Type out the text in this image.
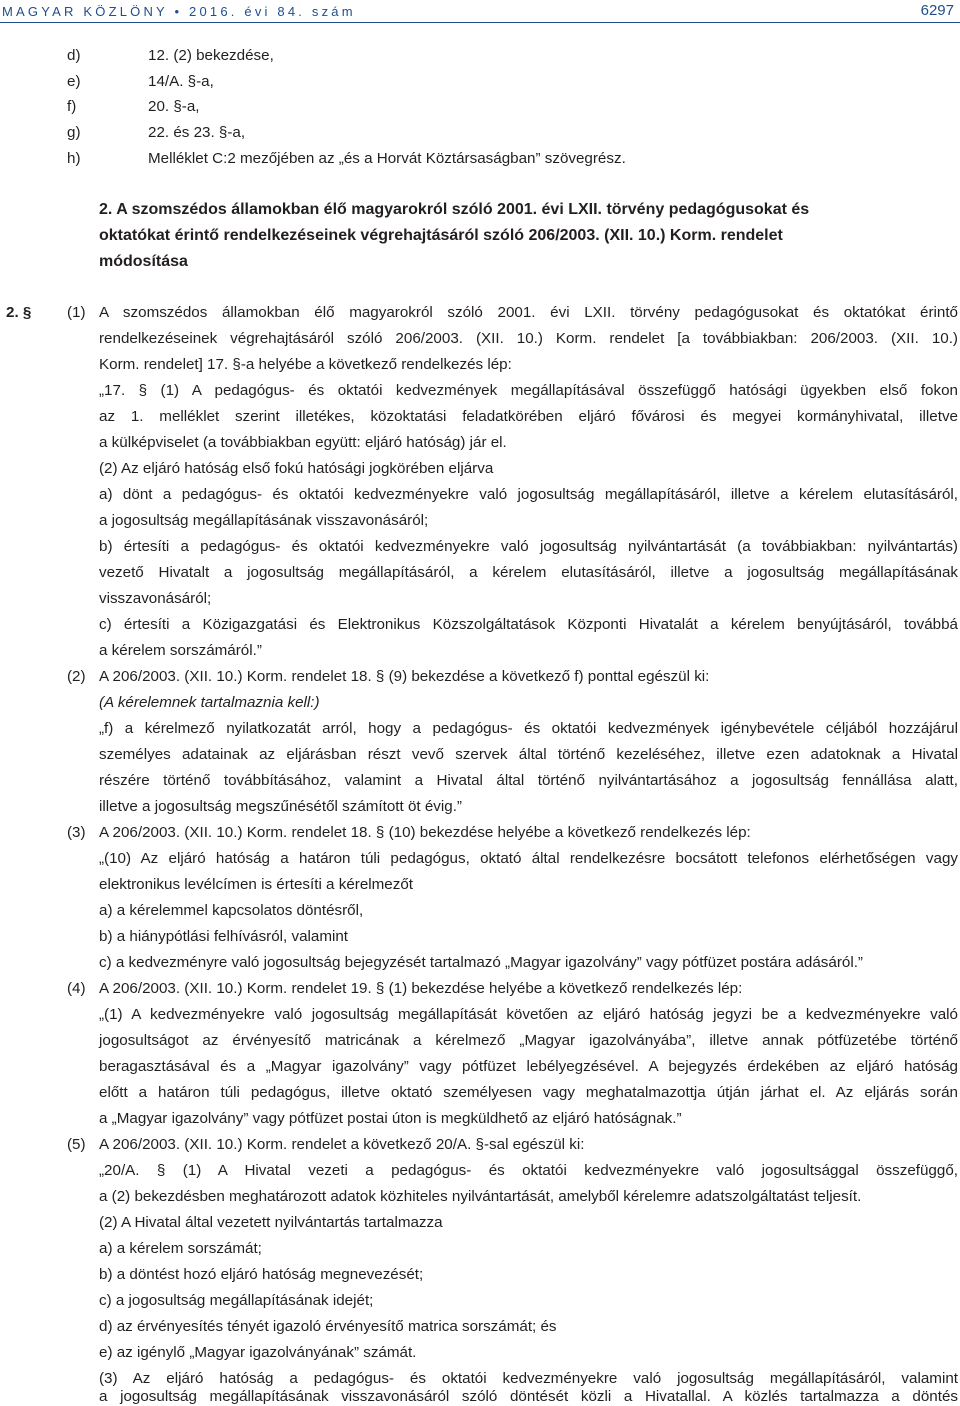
MAGYAR KÖZLÖNY • 2016. évi 84. szám	6297
d)	12. (2) bekezdése,
e)	14/A. §-a,
f)	20. §-a,
g)	22. és 23. §-a,
h)	Melléklet C:2 mezőjében az „és a Horvát Köztársaságban” szövegrész.
2. A szomszédos államokban élő magyarokról szóló 2001. évi LXII. törvény pedagógusokat és
oktatókat érintő rendelkezéseinek végrehajtásáról szóló 206/2003. (XII. 10.) Korm. rendelet
módosítása
2. § (1) A szomszédos államokban élő magyarokról szóló 2001. évi LXII. törvény pedagógusokat és oktatókat érintő
rendelkezéseinek végrehajtásáról szóló 206/2003. (XII. 10.) Korm. rendelet [a továbbiakban: 206/2003. (XII. 10.)
Korm. rendelet] 17. §-a helyébe a következő rendelkezés lép:
„17. § (1) A pedagógus- és oktatói kedvezmények megállapításával összefüggő hatósági ügyekben első fokon
az 1. melléklet szerint illetékes, közoktatási feladatkörében eljáró fővárosi és megyei kormányhivatal, illetve
a külképviselet (a továbbiakban együtt: eljáró hatóság) jár el.
(2) Az eljáró hatóság első fokú hatósági jogkörében eljárva
a) dönt a pedagógus- és oktatói kedvezményekre való jogosultság megállapításáról, illetve a kérelem elutasításáról,
a jogosultság megállapításának visszavonásáról;
b) értesíti a pedagógus- és oktatói kedvezményekre való jogosultság nyilvántartását (a továbbiakban: nyilvántartás)
vezető Hivatalt a jogosultság megállapításáról, a kérelem elutasításáról, illetve a jogosultság megállapításának
visszavonásáról;
c) értesíti a Közigazgatási és Elektronikus Közszolgáltatások Központi Hivatalát a kérelem benyújtásáról, továbbá
a kérelem sorszámáról.”
(2) A 206/2003. (XII. 10.) Korm. rendelet 18. § (9) bekezdése a következő f) ponttal egészül ki:
(A kérelemnek tartalmaznia kell:)
„f) a kérelmező nyilatkozatát arról, hogy a pedagógus- és oktatói kedvezmények igénybevétele céljából hozzájárul
személyes adatainak az eljárásban részt vevő szervek által történő kezeléséhez, illetve ezen adatoknak a Hivatal
részére történő továbbításához, valamint a Hivatal által történő nyilvántartásához a jogosultság fennállása alatt,
illetve a jogosultság megszűnésétől számított öt évig.”
(3) A 206/2003. (XII. 10.) Korm. rendelet 18. § (10) bekezdése helyébe a következő rendelkezés lép:
„(10) Az eljáró hatóság a határon túli pedagógus, oktató által rendelkezésre bocsátott telefonos elérhetőségen vagy
elektronikus levélcímen is értesíti a kérelmezőt
a) a kérelemmel kapcsolatos döntésről,
b) a hiánypótlási felhívásról, valamint
c) a kedvezményre való jogosultság bejegyzését tartalmazó „Magyar igazolvány” vagy pótfüzet postára adásáról.”
(4) A 206/2003. (XII. 10.) Korm. rendelet 19. § (1) bekezdése helyébe a következő rendelkezés lép:
„(1) A kedvezményekre való jogosultság megállapítását követően az eljáró hatóság jegyzi be a kedvezményekre való
jogosultságot az érvényesítő matricának a kérelmező „Magyar igazolványába”, illetve annak pótfüzetébe történő
beragasztásával és a „Magyar igazolvány” vagy pótfüzet lebélyegzésével. A bejegyzés érdekében az eljáró hatóság
előtt a határon túli pedagógus, illetve oktató személyesen vagy meghatalmazottja útján járhat el. Az eljárás során
a „Magyar igazolvány” vagy pótfüzet postai úton is megküldhető az eljáró hatóságnak.”
(5) A 206/2003. (XII. 10.) Korm. rendelet a következő 20/A. §-sal egészül ki:
„20/A. § (1) A Hivatal vezeti a pedagógus- és oktatói kedvezményekre való jogosultsággal összefüggő,
a (2) bekezdésben meghatározott adatok közhiteles nyilvántartását, amelyből kérelemre adatszolgáltatást teljesít.
(2) A Hivatal által vezetett nyilvántartás tartalmazza
a) a kérelem sorszámát;
b) a döntést hozó eljáró hatóság megnevezését;
c) a jogosultság megállapításának idejét;
d) az érvényesítés tényét igazoló érvényesítő matrica sorszámát; és
e) az igénylő „Magyar igazolványának” számát.
(3) Az eljáró hatóság a pedagógus- és oktatói kedvezményekre való jogosultság megállapításáról, valamint
a jogosultság megállapításának visszavonásáról szóló döntését közli a Hivatallal. A közlés tartalmazza a döntés
